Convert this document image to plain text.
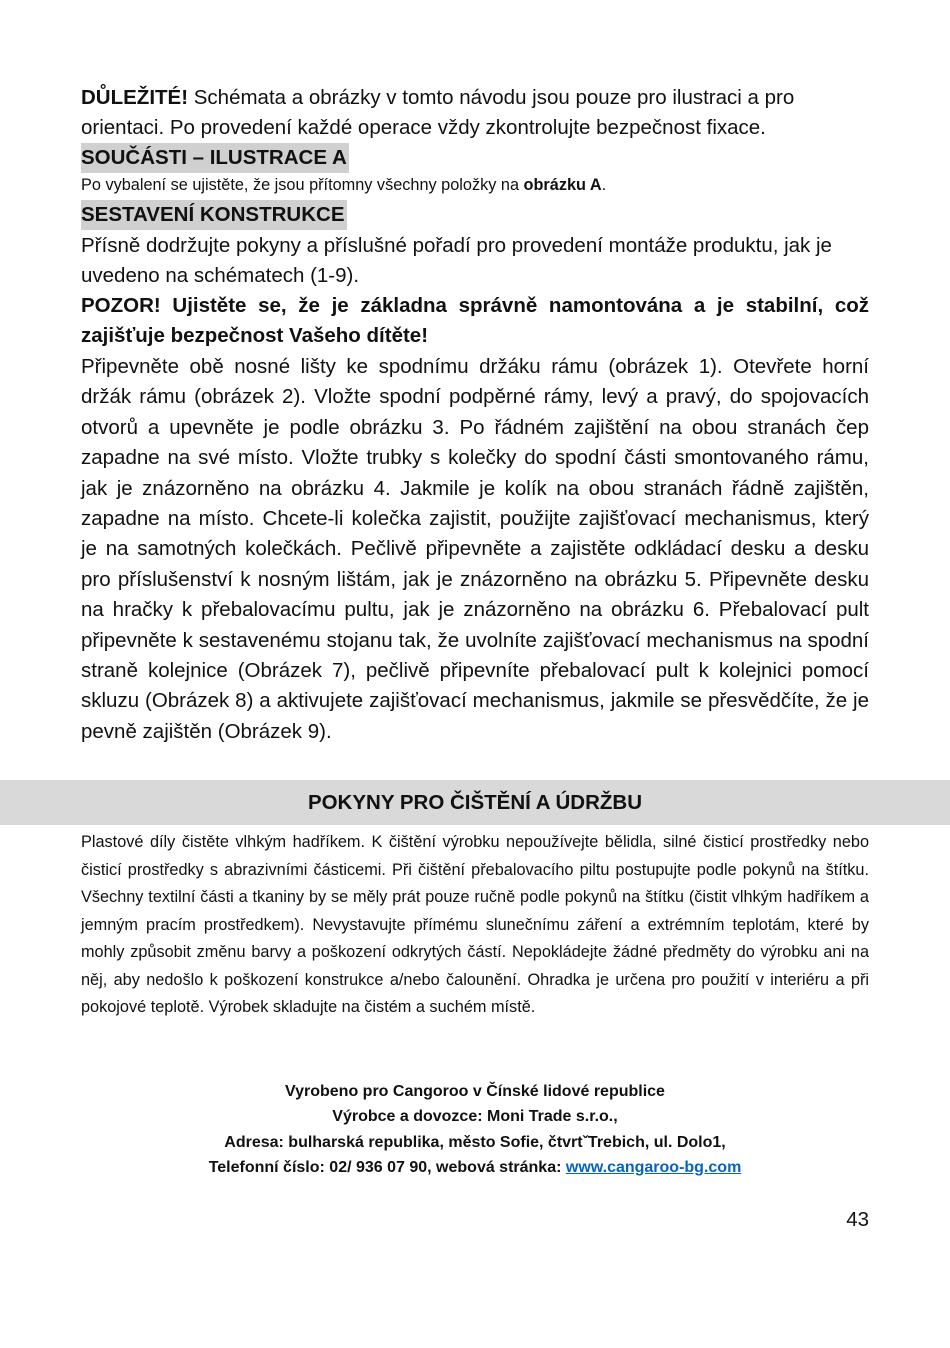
DŮLEŽITÉ! Schémata a obrázky v tomto návodu jsou pouze pro ilustraci a pro orientaci. Po provedení každé operace vždy zkontrolujte bezpečnost fixace.
SOUČÁSTI – ILUSTRACE A
Po vybalení se ujistěte, že jsou přítomny všechny položky na obrázku A.
SESTAVENÍ KONSTRUKCE
Přísně dodržujte pokyny a příslušné pořadí pro provedení montáže produktu, jak je uvedeno na schématech (1-9).
POZOR! Ujistěte se, že je základna správně namontována a je stabilní, což zajišťuje bezpečnost Vašeho dítěte!
Připevněte obě nosné lišty ke spodnímu držáku rámu (obrázek 1). Otevřete horní držák rámu (obrázek 2). Vložte spodní podpěrné rámy, levý a pravý, do spojovacích otvorů a upevněte je podle obrázku 3. Po řádném zajištění na obou stranách čep zapadne na své místo. Vložte trubky s kolečky do spodní části smontovaného rámu, jak je znázorněno na obrázku 4. Jakmile je kolík na obou stranách řádně zajištěn, zapadne na místo. Chcete-li kolečka zajistit, použijte zajišťovací mechanismus, který je na samotných kolečkách. Pečlivě připevněte a zajistěte odkládací desku a desku pro příslušenství k nosným lištám, jak je znázorněno na obrázku 5. Připevněte desku na hračky k přebalovacímu pultu, jak je znázorněno na obrázku 6. Přebalovací pult připevněte k sestavenému stojanu tak, že uvolníte zajišťovací mechanismus na spodní straně kolejnice (Obrázek 7), pečlivě připevníte přebalovací pult k kolejnici pomocí skluzu (Obrázek 8) a aktivujete zajišťovací mechanismus, jakmile se přesvědčíte, že je pevně zajištěn (Obrázek 9).
POKYNY PRO ČIŠTĚNÍ A ÚDRŽBU
Plastové díly čistěte vlhkým hadříkem. K čištění výrobku nepoužívejte bělidla, silné čisticí prostředky nebo čisticí prostředky s abrazivními částicemi. Při čištění přebalovacího piltu postupujte podle pokynů na štítku. Všechny textilní části a tkaniny by se měly prát pouze ručně podle pokynů na štítku (čistit vlhkým hadříkem a jemným pracím prostředkem). Nevystavujte přímému slunečnímu záření a extrémním teplotám, které by mohly způsobit změnu barvy a poškození odkrytých částí. Nepokládejte žádné předměty do výrobku ani na něj, aby nedošlo k poškození konstrukce a/nebo čalounění. Ohradka je určena pro použití v interiéru a při pokojové teplotě. Výrobek skladujte na čistém a suchém místě.
Vyrobeno pro Cangoroo v Čínské lidové republice
Výrobce a dovozce: Moni Trade s.r.o.,
Adresa: bulharská republika, město Sofie, čtvrtˇTrebich, ul. Dolo1,
Telefonní číslo: 02/ 936 07 90, webová stránka: www.cangaroo-bg.com
43
